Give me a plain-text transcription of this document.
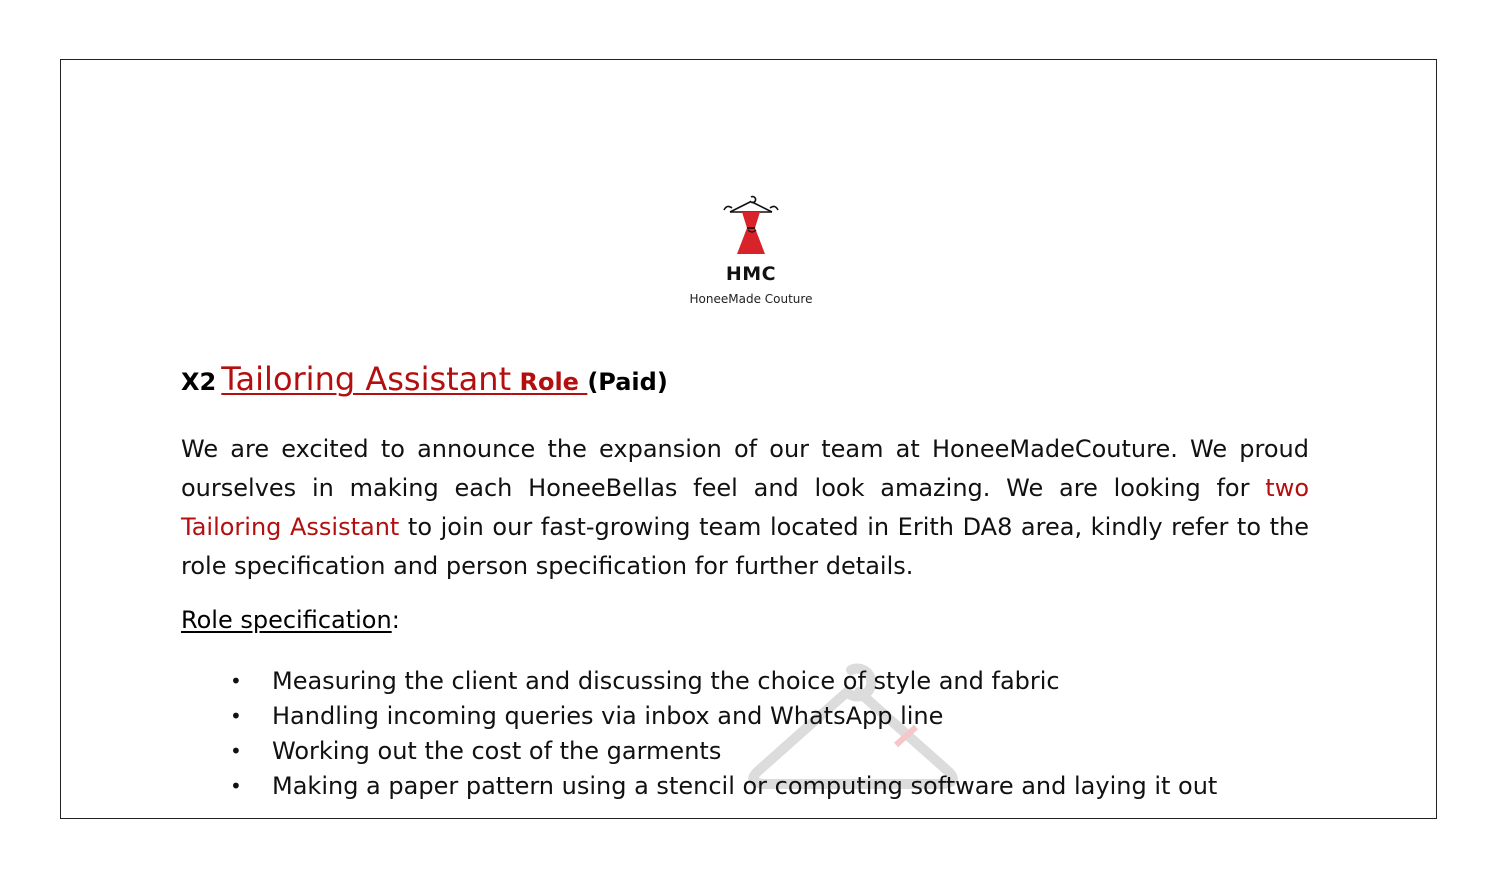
HMC
HoneeMade Couture
X2 Tailoring Assistant Role (Paid)
We are excited to announce the expansion of our team at HoneeMadeCouture. We proud ourselves in making each HoneeBellas feel and look amazing. We are looking for two Tailoring Assistant to join our fast-growing team located in Erith DA8 area, kindly refer to the role specification and person specification for further details.
Role specification:
• Measuring the client and discussing the choice of style and fabric
• Handling incoming queries via inbox and WhatsApp line
• Working out the cost of the garments
• Making a paper pattern using a stencil or computing software and laying it out
